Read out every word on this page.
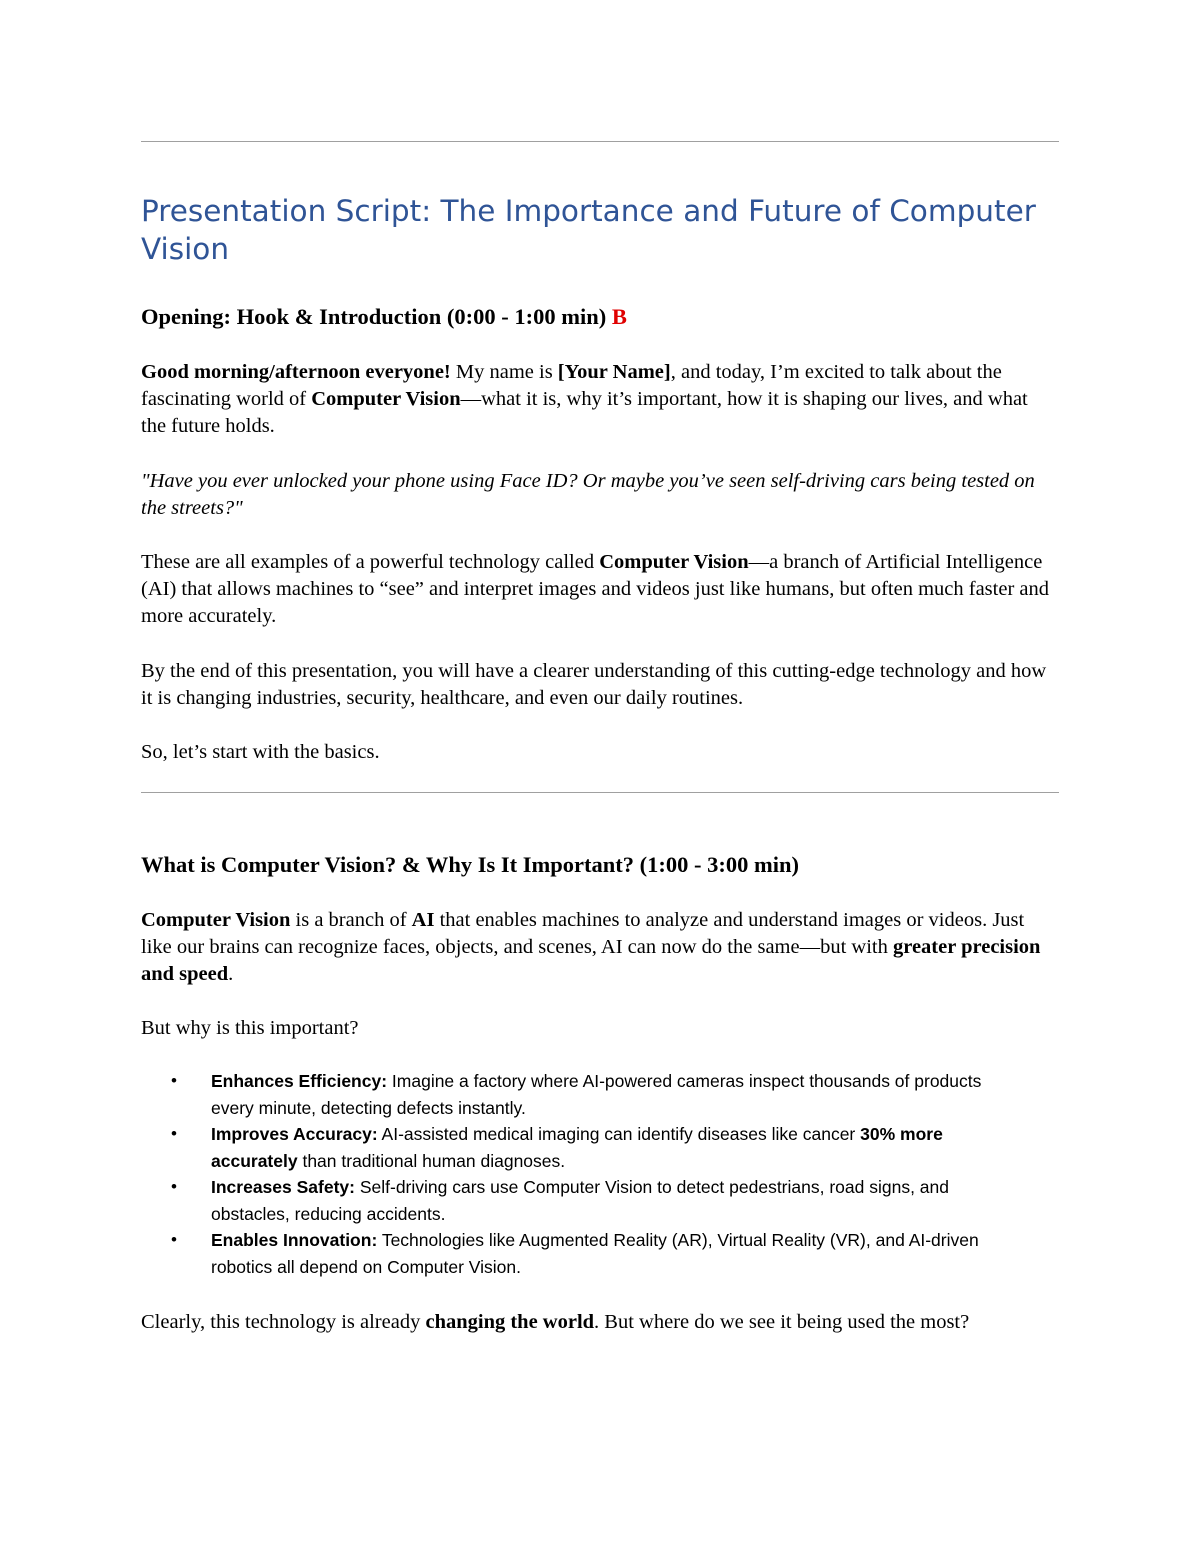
Presentation Script: The Importance and Future of Computer Vision
Opening: Hook & Introduction (0:00 - 1:00 min) B

Good morning/afternoon everyone! My name is [Your Name], and today, I’m excited to talk about the fascinating world of Computer Vision—what it is, why it’s important, how it is shaping our lives, and what the future holds.

"Have you ever unlocked your phone using Face ID? Or maybe you’ve seen self-driving cars being tested on the streets?"

These are all examples of a powerful technology called Computer Vision—a branch of Artificial Intelligence (AI) that allows machines to “see” and interpret images and videos just like humans, but often much faster and more accurately.

By the end of this presentation, you will have a clearer understanding of this cutting-edge technology and how it is changing industries, security, healthcare, and even our daily routines.

So, let’s start with the basics.

What is Computer Vision? & Why Is It Important? (1:00 - 3:00 min)

Computer Vision is a branch of AI that enables machines to analyze and understand images or videos. Just like our brains can recognize faces, objects, and scenes, AI can now do the same—but with greater precision and speed.

But why is this important?

• Enhances Efficiency: Imagine a factory where AI-powered cameras inspect thousands of products every minute, detecting defects instantly.
• Improves Accuracy: AI-assisted medical imaging can identify diseases like cancer 30% more accurately than traditional human diagnoses.
• Increases Safety: Self-driving cars use Computer Vision to detect pedestrians, road signs, and obstacles, reducing accidents.
• Enables Innovation: Technologies like Augmented Reality (AR), Virtual Reality (VR), and AI-driven robotics all depend on Computer Vision.

Clearly, this technology is already changing the world. But where do we see it being used the most?
